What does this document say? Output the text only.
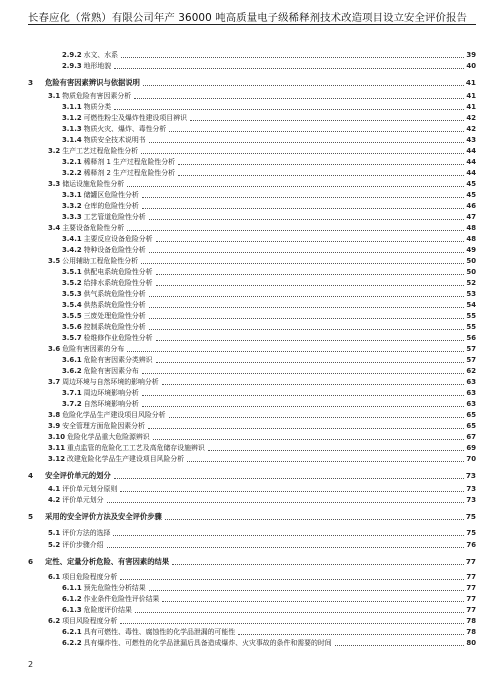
长春应化（常熟）有限公司年产 36000 吨高质量电子级稀释剂技术改造项目设立安全评价报告
2.9.2 水文、水系	39
2.9.3 地形地貌	40
3 危险有害因素辨识与依据说明	41
3.1 物质危险有害因素分析	41
3.1.1 物质分类	41
3.1.2 可燃性粉尘及爆炸性建设项目辨识	42
3.1.3 物质火灾、爆炸、毒性分析	42
3.1.4 物质安全技术说明书	43
3.2 生产工艺过程危险性分析	44
3.2.1 稀释剂 1 生产过程危险性分析	44
3.2.2 稀释剂 2 生产过程危险性分析	44
3.3 储运设施危险性分析	45
3.3.1 储罐区危险性分析	45
3.3.2 仓库的危险性分析	46
3.3.3 工艺管道危险性分析	47
3.4 主要设备危险性分析	48
3.4.1 主要反应设备危险分析	48
3.4.2 特种设备危险性分析	49
3.5 公用辅助工程危险性分析	50
3.5.1 供配电系统危险性分析	50
3.5.2 给排水系统危险性分析	52
3.5.3 供气系统危险性分析	53
3.5.4 供热系统危险性分析	54
3.5.5 三废处理危险性分析	55
3.5.6 控制系统危险性分析	55
3.5.7 检维修作业危险性分析	56
3.6 危险有害因素的分布	57
3.6.1 危险有害因素分类辨识	57
3.6.2 危险有害因素分布	62
3.7 周边环境与自然环境的影响分析	63
3.7.1 周边环境影响分析	63
3.7.2 自然环境影响分析	63
3.8 危险化学品生产建设项目风险分析	65
3.9 安全管理方面危险因素分析	65
3.10 危险化学品重大危险源辨识	67
3.11 重点监管的危险化工工艺及高危储存设施辨识	69
3.12 改建危险化学品生产建设项目风险分析	70
4 安全评价单元的划分	73
4.1 评价单元划分原则	73
4.2 评价单元划分	73
5 采用的安全评价方法及安全评价步骤	75
5.1 评价方法的选择	75
5.2 评价步骤介绍	76
6 定性、定量分析危险、有害因素的结果	77
6.1 项目危险程度分析	77
6.1.1 预先危险性分析结果	77
6.1.2 作业条件危险性评价结果	77
6.1.3 危险度评价结果	77
6.2 项目风险程度分析	78
6.2.1 具有可燃性、毒性、腐蚀性的化学品泄漏的可能性	78
6.2.2 具有爆炸性、可燃性的化学品泄漏后具备造成爆炸、火灾事故的条件和需要的时间	80
2
